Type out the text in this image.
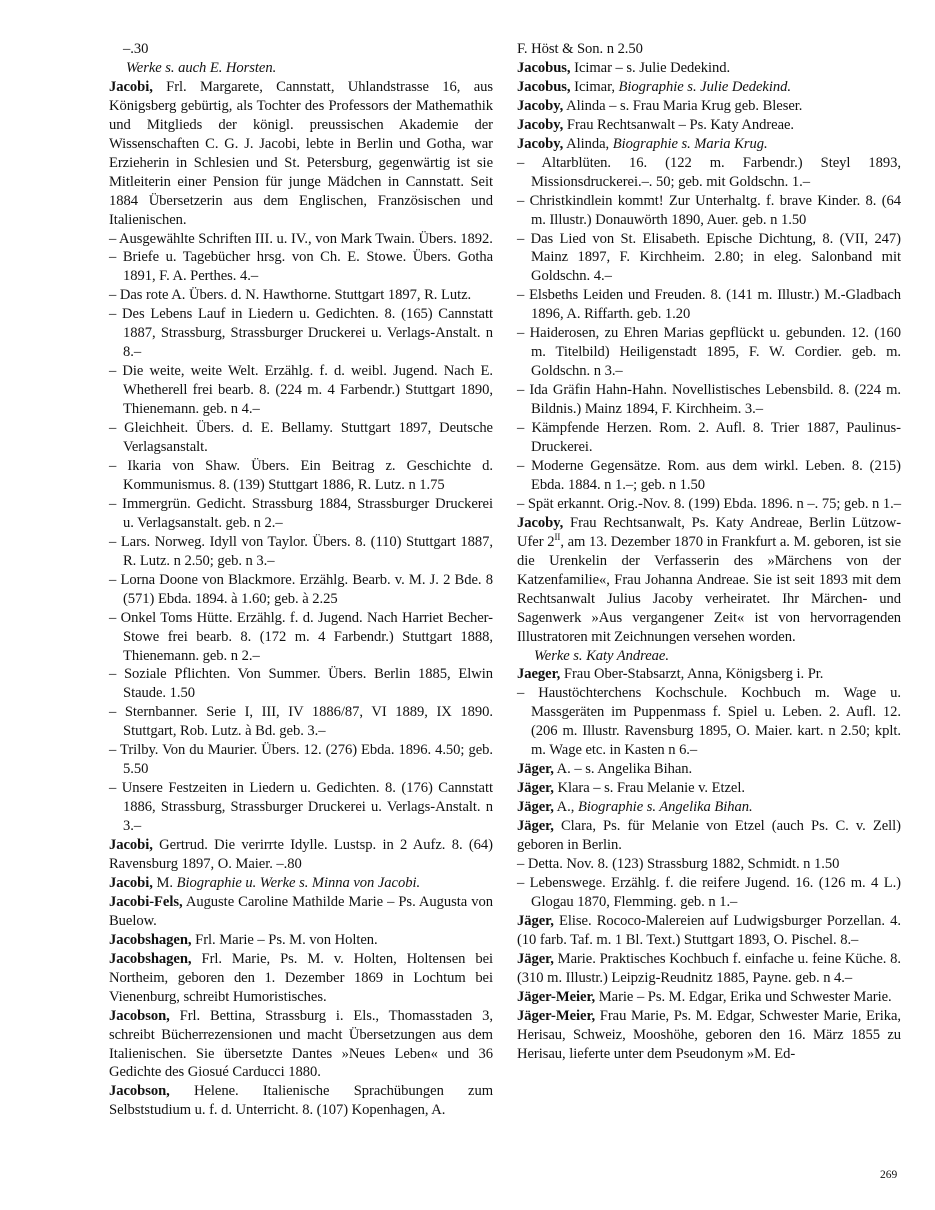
–.30

Werke s. auch E. Horsten.

Jacobi, Frl. Margarete, Cannstatt, Uhlandstrasse 16, aus Königsberg gebürtig, als Tochter des Professors der Mathemathik und Mitglieds der königl. preussischen Akademie der Wissenschaften C. G. J. Jacobi, lebte in Berlin und Gotha, war Erzieherin in Schlesien und St. Petersburg, gegenwärtig ist sie Mitleiterin einer Pension für junge Mädchen in Cannstatt. Seit 1884 Übersetzerin aus dem Englischen, Französischen und Italienischen.

– Ausgewählte Schriften III. u. IV., von Mark Twain. Übers. 1892.

– Briefe u. Tagebücher hrsg. von Ch. E. Stowe. Übers. Gotha 1891, F. A. Perthes. 4.–

– Das rote A. Übers. d. N. Hawthorne. Stuttgart 1897, R. Lutz.

– Des Lebens Lauf in Liedern u. Gedichten. 8. (165) Cannstatt 1887, Strassburg, Strassburger Druckerei u. Verlags-Anstalt. n 8.–

– Die weite, weite Welt. Erzählg. f. d. weibl. Jugend. Nach E. Whetherell frei bearb. 8. (224 m. 4 Farbendr.) Stuttgart 1890, Thienemann. geb. n 4.–

– Gleichheit. Übers. d. E. Bellamy. Stuttgart 1897, Deutsche Verlagsanstalt.

– Ikaria von Shaw. Übers. Ein Beitrag z. Geschichte d. Kommunismus. 8. (139) Stuttgart 1886, R. Lutz. n 1.75

– Immergrün. Gedicht. Strassburg 1884, Strassburger Druckerei u. Verlagsanstalt. geb. n 2.–

– Lars. Norweg. Idyll von Taylor. Übers. 8. (110) Stuttgart 1887, R. Lutz. n 2.50; geb. n 3.–

– Lorna Doone von Blackmore. Erzählg. Bearb. v. M. J. 2 Bde. 8 (571) Ebda. 1894. à 1.60; geb. à 2.25

– Onkel Toms Hütte. Erzählg. f. d. Jugend. Nach Harriet Becher-Stowe frei bearb. 8. (172 m. 4 Farbendr.) Stuttgart 1888, Thienemann. geb. n 2.–

– Soziale Pflichten. Von Summer. Übers. Berlin 1885, Elwin Staude. 1.50

– Sternbanner. Serie I, III, IV 1886/87, VI 1889, IX 1890. Stuttgart, Rob. Lutz. à Bd. geb. 3.–

– Trilby. Von du Maurier. Übers. 12. (276) Ebda. 1896. 4.50; geb. 5.50

– Unsere Festzeiten in Liedern u. Gedichten. 8. (176) Cannstatt 1886, Strassburg, Strassburger Druckerei u. Verlags-Anstalt. n 3.–

Jacobi, Gertrud. Die verirrte Idylle. Lustsp. in 2 Aufz. 8. (64) Ravensburg 1897, O. Maier. –.80

Jacobi, M. Biographie u. Werke s. Minna von Jacobi.

Jacobi-Fels, Auguste Caroline Mathilde Marie – Ps. Augusta von Buelow.

Jacobshagen, Frl. Marie – Ps. M. von Holten.

Jacobshagen, Frl. Marie, Ps. M. v. Holten, Holtensen bei Northeim, geboren den 1. Dezember 1869 in Lochtum bei Vienenburg, schreibt Humoristisches.

Jacobson, Frl. Bettina, Strassburg i. Els., Thomasstaden 3, schreibt Bücherrezensionen und macht Übersetzungen aus dem Italienischen. Sie übersetzte Dantes »Neues Leben« und 36 Gedichte des Giosué Carducci 1880.

Jacobson, Helene. Italienische Sprachübungen zum Selbststudium u. f. d. Unterricht. 8. (107) Kopenhagen, A.

F. Höst & Son. n 2.50

Jacobus, Icimar – s. Julie Dedekind.

Jacobus, Icimar, Biographie s. Julie Dedekind.

Jacoby, Alinda – s. Frau Maria Krug geb. Bleser.

Jacoby, Frau Rechtsanwalt – Ps. Katy Andreae.

Jacoby, Alinda, Biographie s. Maria Krug.

– Altarblüten. 16. (122 m. Farbendr.) Steyl 1893, Missionsdruckerei.–. 50; geb. mit Goldschn. 1.–

– Christkindlein kommt! Zur Unterhaltg. f. brave Kinder. 8. (64 m. Illustr.) Donauwörth 1890, Auer. geb. n 1.50

– Das Lied von St. Elisabeth. Epische Dichtung, 8. (VII, 247) Mainz 1897, F. Kirchheim. 2.80; in eleg. Salonband mit Goldschn. 4.–

– Elsbeths Leiden und Freuden. 8. (141 m. Illustr.) M.-Gladbach 1896, A. Riffarth. geb. 1.20

– Haiderosen, zu Ehren Marias gepflückt u. gebunden. 12. (160 m. Titelbild) Heiligenstadt 1895, F. W. Cordier. geb. m. Goldschn. n 3.–

– Ida Gräfin Hahn-Hahn. Novellistisches Lebensbild. 8. (224 m. Bildnis.) Mainz 1894, F. Kirchheim. 3.–

– Kämpfende Herzen. Rom. 2. Aufl. 8. Trier 1887, Paulinus-Druckerei.

– Moderne Gegensätze. Rom. aus dem wirkl. Leben. 8. (215) Ebda. 1884. n 1.–; geb. n 1.50

– Spät erkannt. Orig.-Nov. 8. (199) Ebda. 1896. n –. 75; geb. n 1.–

Jacoby, Frau Rechtsanwalt, Ps. Katy Andreae, Berlin Lützow-Ufer $2^{II}$, am 13. Dezember 1870 in Frankfurt a. M. geboren, ist sie die Urenkelin der Verfasserin des »Märchens von der Katzenfamilie«, Frau Johanna Andreae. Sie ist seit 1893 mit dem Rechtsanwalt Julius Jacoby verheiratet. Ihr Märchen- und Sagenwerk »Aus vergangener Zeit« ist von hervorragenden Illustratoren mit Zeichnungen versehen worden.

Werke s. Katy Andreae.

Jaeger, Frau Ober-Stabsarzt, Anna, Königsberg i. Pr.

– Haustöchterchens Kochschule. Kochbuch m. Wage u. Massgeräten im Puppenmass f. Spiel u. Leben. 2. Aufl. 12. (206 m. Illustr. Ravensburg 1895, O. Maier. kart. n 2.50; kplt. m. Wage etc. in Kasten n 6.–

Jäger, A. – s. Angelika Bihan.

Jäger, Klara – s. Frau Melanie v. Etzel.

Jäger, A., Biographie s. Angelika Bihan.

Jäger, Clara, Ps. für Melanie von Etzel (auch Ps. C. v. Zell) geboren in Berlin.

– Detta. Nov. 8. (123) Strassburg 1882, Schmidt. n 1.50

– Lebenswege. Erzählg. f. die reifere Jugend. 16. (126 m. 4 L.) Glogau 1870, Flemming. geb. n 1.–

Jäger, Elise. Rococo-Malereien auf Ludwigsburger Porzellan. 4. (10 farb. Taf. m. 1 Bl. Text.) Stuttgart 1893, O. Pischel. 8.–

Jäger, Marie. Praktisches Kochbuch f. einfache u. feine Küche. 8. (310 m. Illustr.) Leipzig-Reudnitz 1885, Payne. geb. n 4.–

Jäger-Meier, Marie – Ps. M. Edgar, Erika und Schwester Marie.

Jäger-Meier, Frau Marie, Ps. M. Edgar, Schwester Marie, Erika, Herisau, Schweiz, Mooshöhe, geboren den 16. März 1855 zu Herisau, lieferte unter dem Pseudonym »M. Ed-

269
